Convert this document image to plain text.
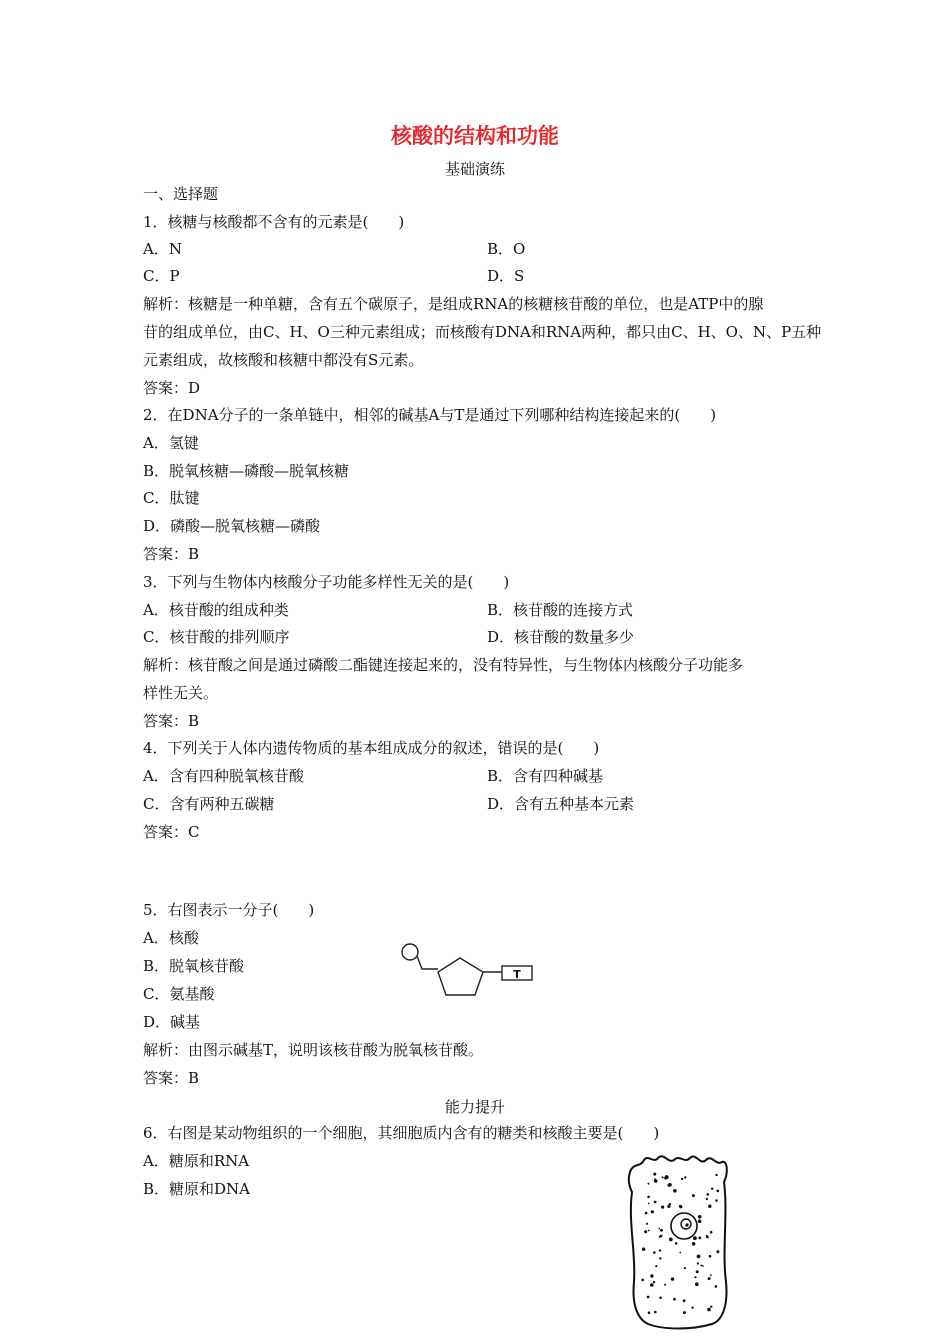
核酸的结构和功能
基础演练
一、选择题
1．核糖与核酸都不含有的元素是(　　)
A．N	B．O
C．P	D．S
解析：核糖是一种单糖，含有五个碳原子，是组成RNA的核糖核苷酸的单位，也是ATP中的腺
苷的组成单位，由C、H、O三种元素组成；而核酸有DNA和RNA两种，都只由C、H、O、N、P五种
元素组成，故核酸和核糖中都没有S元素。
答案：D
2．在DNA分子的一条单链中，相邻的碱基A与T是通过下列哪种结构连接起来的(　　)
A．氢键
B．脱氧核糖—磷酸—脱氧核糖
C．肽键
D．磷酸—脱氧核糖—磷酸
答案：B
3．下列与生物体内核酸分子功能多样性无关的是(　　)
A．核苷酸的组成种类	B．核苷酸的连接方式
C．核苷酸的排列顺序	D．核苷酸的数量多少
解析：核苷酸之间是通过磷酸二酯键连接起来的，没有特异性，与生物体内核酸分子功能多
样性无关。
答案：B
4．下列关于人体内遗传物质的基本组成成分的叙述，错误的是(　　)
A．含有四种脱氧核苷酸	B．含有四种碱基
C．含有两种五碳糖	D．含有五种基本元素
答案：C
5．右图表示一分子(　　)
A．核酸
B．脱氧核苷酸
C．氨基酸
D．碱基
T
解析：由图示碱基T，说明该核苷酸为脱氧核苷酸。
答案：B
能力提升
6．右图是某动物组织的一个细胞，其细胞质内含有的糖类和核酸主要是(　　)
A．糖原和RNA
B．糖原和DNA
